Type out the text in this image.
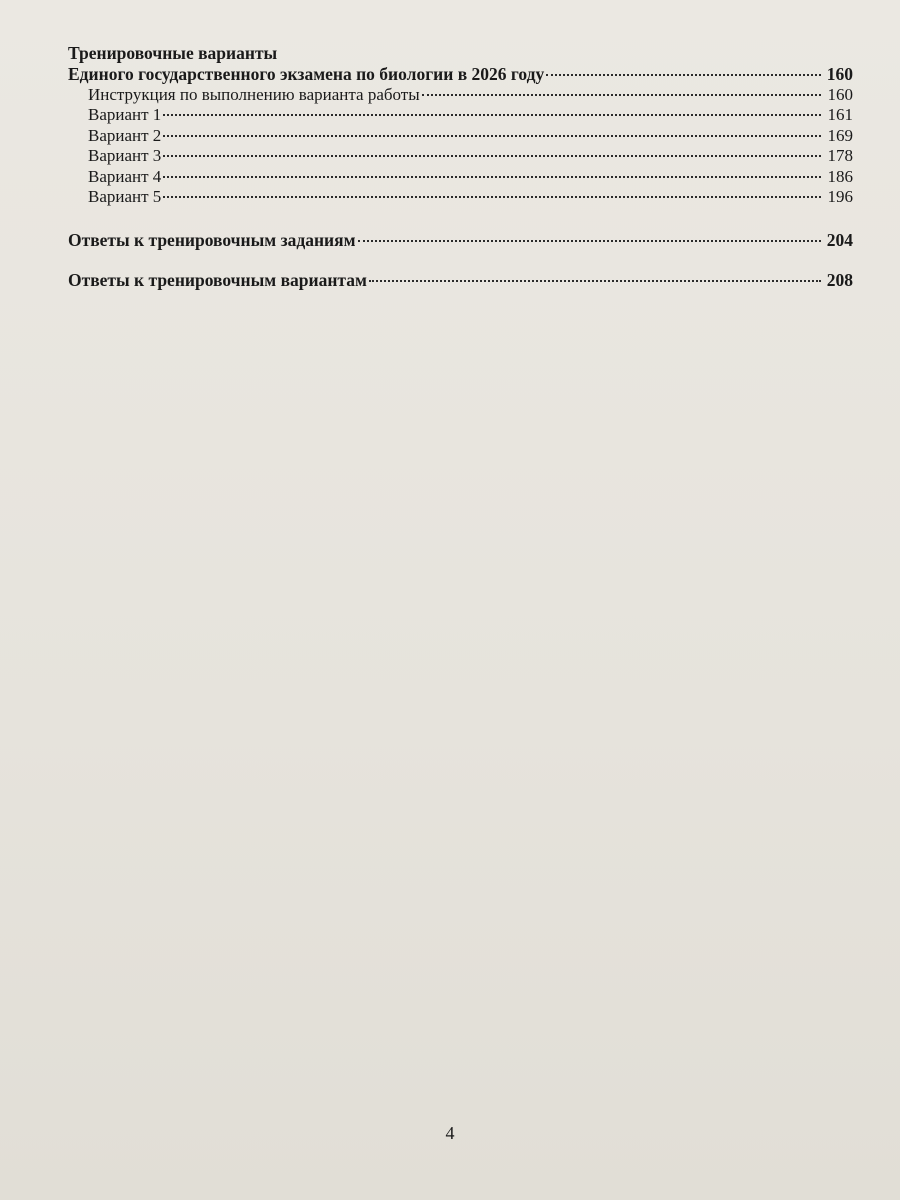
Тренировочные варианты
Единого государственного экзамена по биологии в 2026 году	160
Инструкция по выполнению варианта работы	160
Вариант 1	161
Вариант 2	169
Вариант 3	178
Вариант 4	186
Вариант 5	196
Ответы к тренировочным заданиям	204
Ответы к тренировочным вариантам	208
4
